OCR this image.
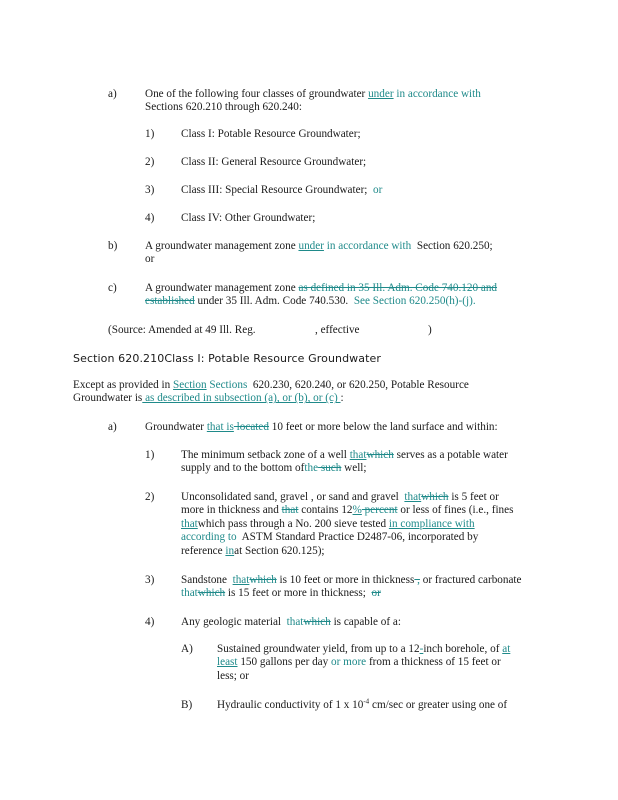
a)	One of the following four classes of groundwater under in accordance with
Sections 620.210 through 620.240:
1) Class I: Potable Resource Groundwater;
2) Class II: General Resource Groundwater;
3) Class III: Special Resource Groundwater;  or
4) Class IV: Other Groundwater;
b) A groundwater management zone under in accordance with  Section 620.250;
or
c)	A groundwater management zone as defined in 35 Ill. Adm. Code 740.120 and
established under 35 Ill. Adm. Code 740.530.  See Section 620.250(h)-(j).
(Source: Amended at 49 Ill. Reg.	, effective	)
Section 620.210Class I: Potable Resource Groundwater
Except as provided in Section Sections  620.230, 620.240, or 620.250, Potable Resource
Groundwater is as described in subsection (a), or (b), or (c) :
a)	Groundwater that is located 10 feet or more below the land surface and within:
1) The minimum setback zone of a well thatwhich serves as a potable water
supply and to the bottom ofthe such well;
2) Unconsolidated sand, gravel , or sand and gravel  thatwhich is 5 feet or
more in thickness and that contains 12% percent or less of fines (i.e., fines
thatwhich pass through a No. 200 sieve tested in compliance with
according to  ASTM Standard Practice D2487-06, incorporated by
reference inat Section 620.125);
3) Sandstone  thatwhich is 10 feet or more in thickness , or fractured carbonate
thatwhich is 15 feet or more in thickness;  or
4) Any geologic material  thatwhich is capable of a:
A) Sustained groundwater yield, from up to a 12-inch borehole, of at
least 150 gallons per day or more from a thickness of 15 feet or
less; or
B) Hydraulic conductivity of 1 x $10^{-4}$ cm/sec or greater using one of
